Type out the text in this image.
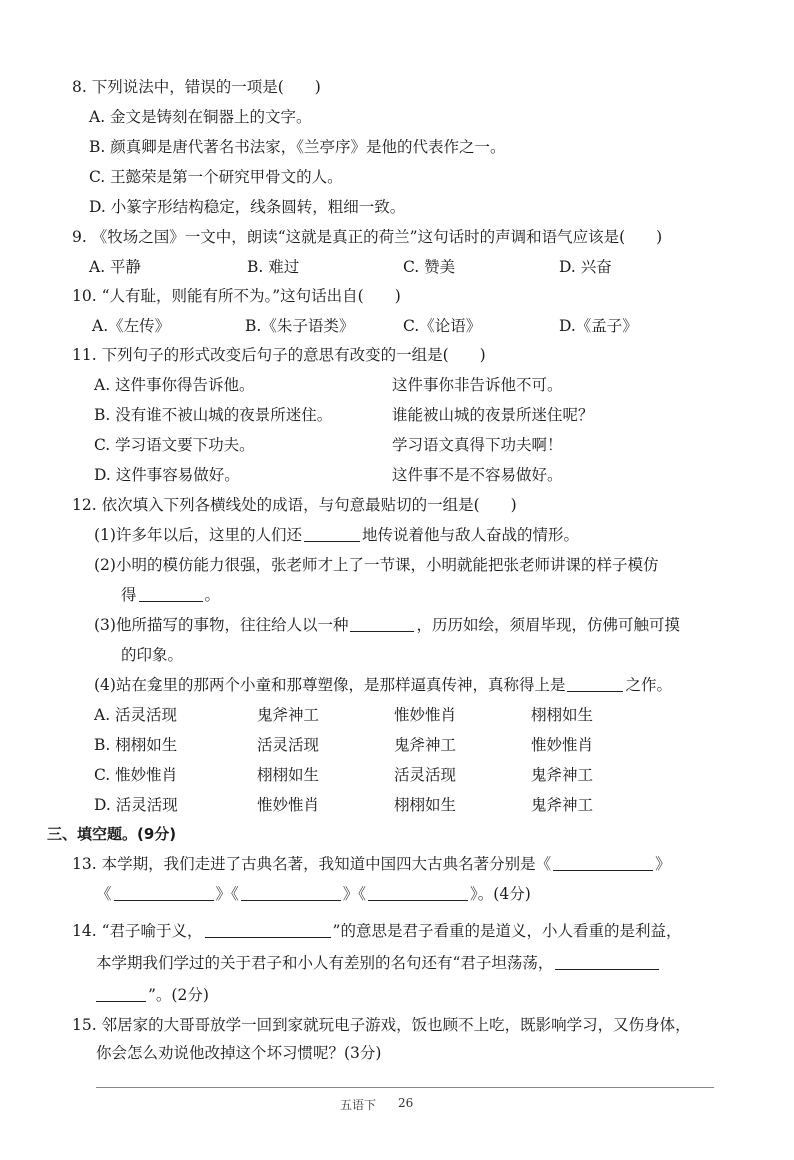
8. 下列说法中，错误的一项是(　　)
A. 金文是铸刻在铜器上的文字。
B. 颜真卿是唐代著名书法家，《兰亭序》是他的代表作之一。
C. 王懿荣是第一个研究甲骨文的人。
D. 小篆字形结构稳定，线条圆转，粗细一致。
9. 《牧场之国》一文中，朗读“这就是真正的荷兰”这句话时的声调和语气应该是(　　)
A. 平静	B. 难过	C. 赞美	D. 兴奋
10. “人有耻，则能有所不为。”这句话出自(　　)
A.《左传》	B.《朱子语类》	C.《论语》	D.《孟子》
11. 下列句子的形式改变后句子的意思有改变的一组是(　　)
A. 这件事你得告诉他。	这件事你非告诉他不可。
B. 没有谁不被山城的夜景所迷住。	谁能被山城的夜景所迷住呢？
C. 学习语文要下功夫。	学习语文真得下功夫啊！
D. 这件事容易做好。	这件事不是不容易做好。
12. 依次填入下列各横线处的成语，与句意最贴切的一组是(　　)
(1)许多年以后，这里的人们还	地传说着他与敌人奋战的情形。
(2)小明的模仿能力很强，张老师才上了一节课，小明就能把张老师讲课的样子模仿
得	。
(3)他所描写的事物，往往给人以一种	，历历如绘，须眉毕现，仿佛可触可摸
的印象。
(4)站在龛里的那两个小童和那尊塑像，是那样逼真传神，真称得上是	之作。
A. 活灵活现	鬼斧神工	惟妙惟肖	栩栩如生
B. 栩栩如生	活灵活现	鬼斧神工	惟妙惟肖
C. 惟妙惟肖	栩栩如生	活灵活现	鬼斧神工
D. 活灵活现	惟妙惟肖	栩栩如生	鬼斧神工
三、填空题。(9分)
13. 本学期，我们走进了古典名著，我知道中国四大古典名著分别是《	》
《	》《	》《	》。(4分)
14. “君子喻于义，	”的意思是君子看重的是道义，小人看重的是利益，
本学期我们学过的关于君子和小人有差别的名句还有“君子坦荡荡，
”。(2分)
15. 邻居家的大哥哥放学一回到家就玩电子游戏，饭也顾不上吃，既影响学习，又伤身体，
你会怎么劝说他改掉这个坏习惯呢？(3分)
五语下 26
